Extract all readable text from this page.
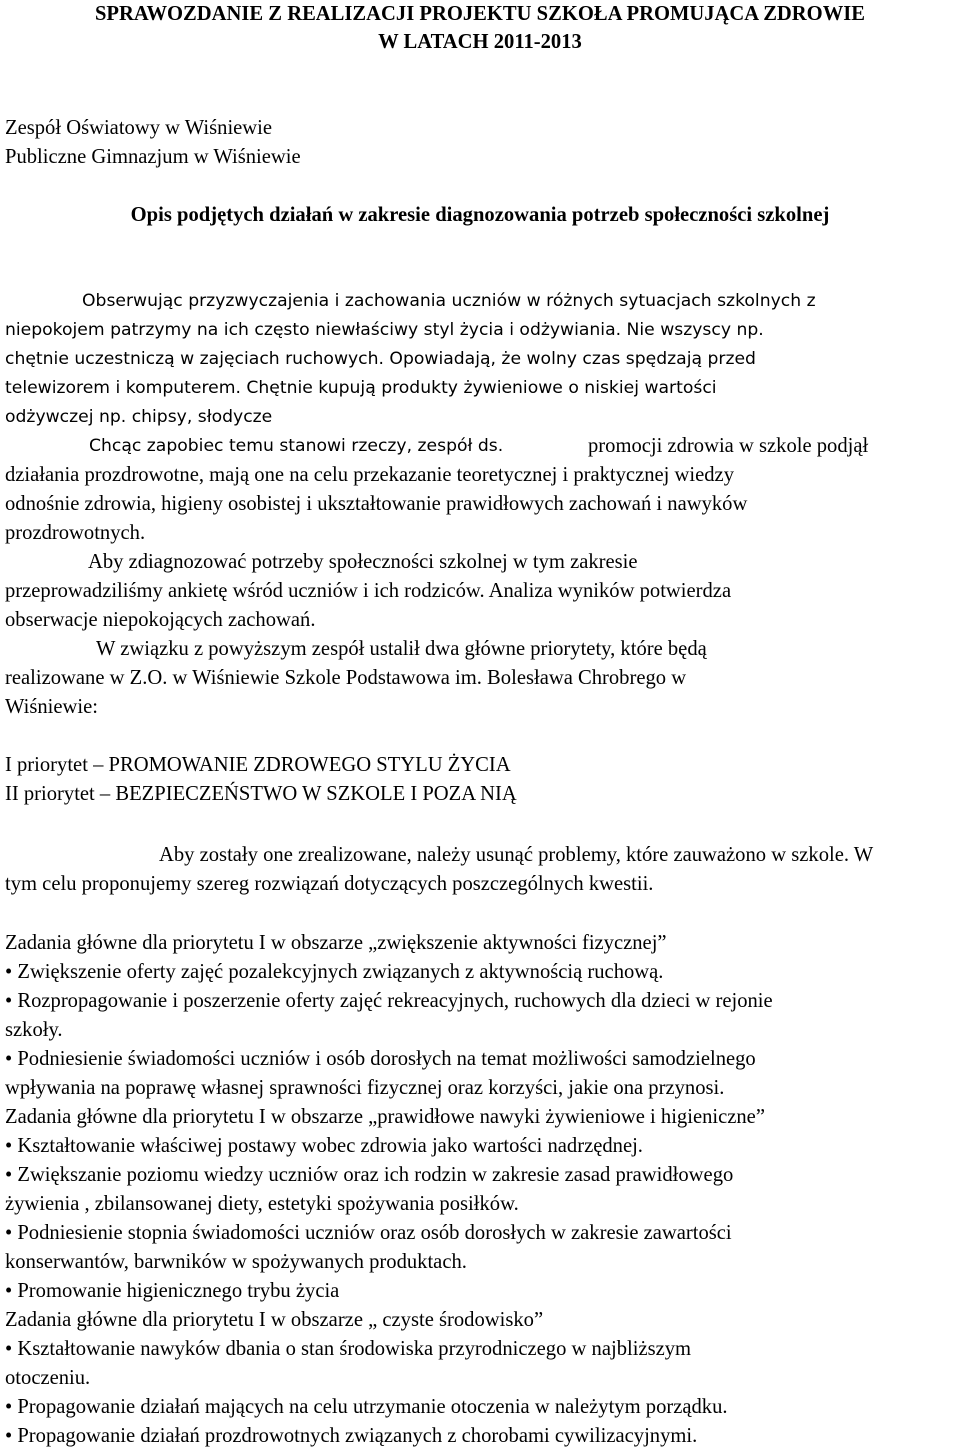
SPRAWOZDANIE Z REALIZACJI PROJEKTU SZKOŁA PROMUJĄCA ZDROWIE
W LATACH 2011-2013
Zespół Oświatowy w Wiśniewie
Publiczne Gimnazjum w Wiśniewie
Opis podjętych działań w zakresie diagnozowania potrzeb społeczności szkolnej
Obserwując przyzwyczajenia i zachowania uczniów w różnych sytuacjach szkolnych z
niepokojem patrzymy na ich często niewłaściwy styl życia i odżywiania. Nie wszyscy np.
chętnie uczestniczą w zajęciach ruchowych. Opowiadają, że wolny czas spędzają przed
telewizorem i komputerem. Chętnie kupują produkty żywieniowe o niskiej wartości
odżywczej np. chipsy, słodycze
Chcąc zapobiec temu stanowi rzeczy, zespół ds.	promocji zdrowia w szkole podjął
działania prozdrowotne, mają one na celu przekazanie teoretycznej i praktycznej wiedzy
odnośnie zdrowia, higieny osobistej i ukształtowanie prawidłowych zachowań i nawyków
prozdrowotnych.
Aby zdiagnozować potrzeby społeczności szkolnej w tym zakresie
przeprowadziliśmy ankietę wśród uczniów i ich rodziców. Analiza wyników potwierdza
obserwacje niepokojących zachowań.
W związku z powyższym zespół ustalił dwa główne priorytety, które będą
realizowane w Z.O. w Wiśniewie Szkole Podstawowa im. Bolesława Chrobrego w
Wiśniewie:
I priorytet – PROMOWANIE ZDROWEGO STYLU ŻYCIA
II priorytet – BEZPIECZEŃSTWO W SZKOLE I POZA NIĄ
Aby zostały one zrealizowane, należy usunąć problemy, które zauważono w szkole. W
tym celu proponujemy szereg rozwiązań dotyczących poszczególnych kwestii.
Zadania główne dla priorytetu I w obszarze „zwiększenie aktywności fizycznej”
• Zwiększenie oferty zajęć pozalekcyjnych związanych z aktywnością ruchową.
• Rozpropagowanie i poszerzenie oferty zajęć rekreacyjnych, ruchowych dla dzieci w rejonie
szkoły.
• Podniesienie świadomości uczniów i osób dorosłych na temat możliwości samodzielnego
wpływania na poprawę własnej sprawności fizycznej oraz korzyści, jakie ona przynosi.
Zadania główne dla priorytetu I w obszarze „prawidłowe nawyki żywieniowe i higieniczne”
• Kształtowanie właściwej postawy wobec zdrowia jako wartości nadrzędnej.
• Zwiększanie poziomu wiedzy uczniów oraz ich rodzin w zakresie zasad prawidłowego
żywienia , zbilansowanej diety, estetyki spożywania posiłków.
• Podniesienie stopnia świadomości uczniów oraz osób dorosłych w zakresie zawartości
konserwantów, barwników w spożywanych produktach.
• Promowanie higienicznego trybu życia
Zadania główne dla priorytetu I w obszarze „ czyste środowisko”
• Kształtowanie nawyków dbania o stan środowiska przyrodniczego w najbliższym
otoczeniu.
• Propagowanie działań mających na celu utrzymanie otoczenia w należytym porządku.
• Propagowanie działań prozdrowotnych związanych z chorobami cywilizacyjnymi.
